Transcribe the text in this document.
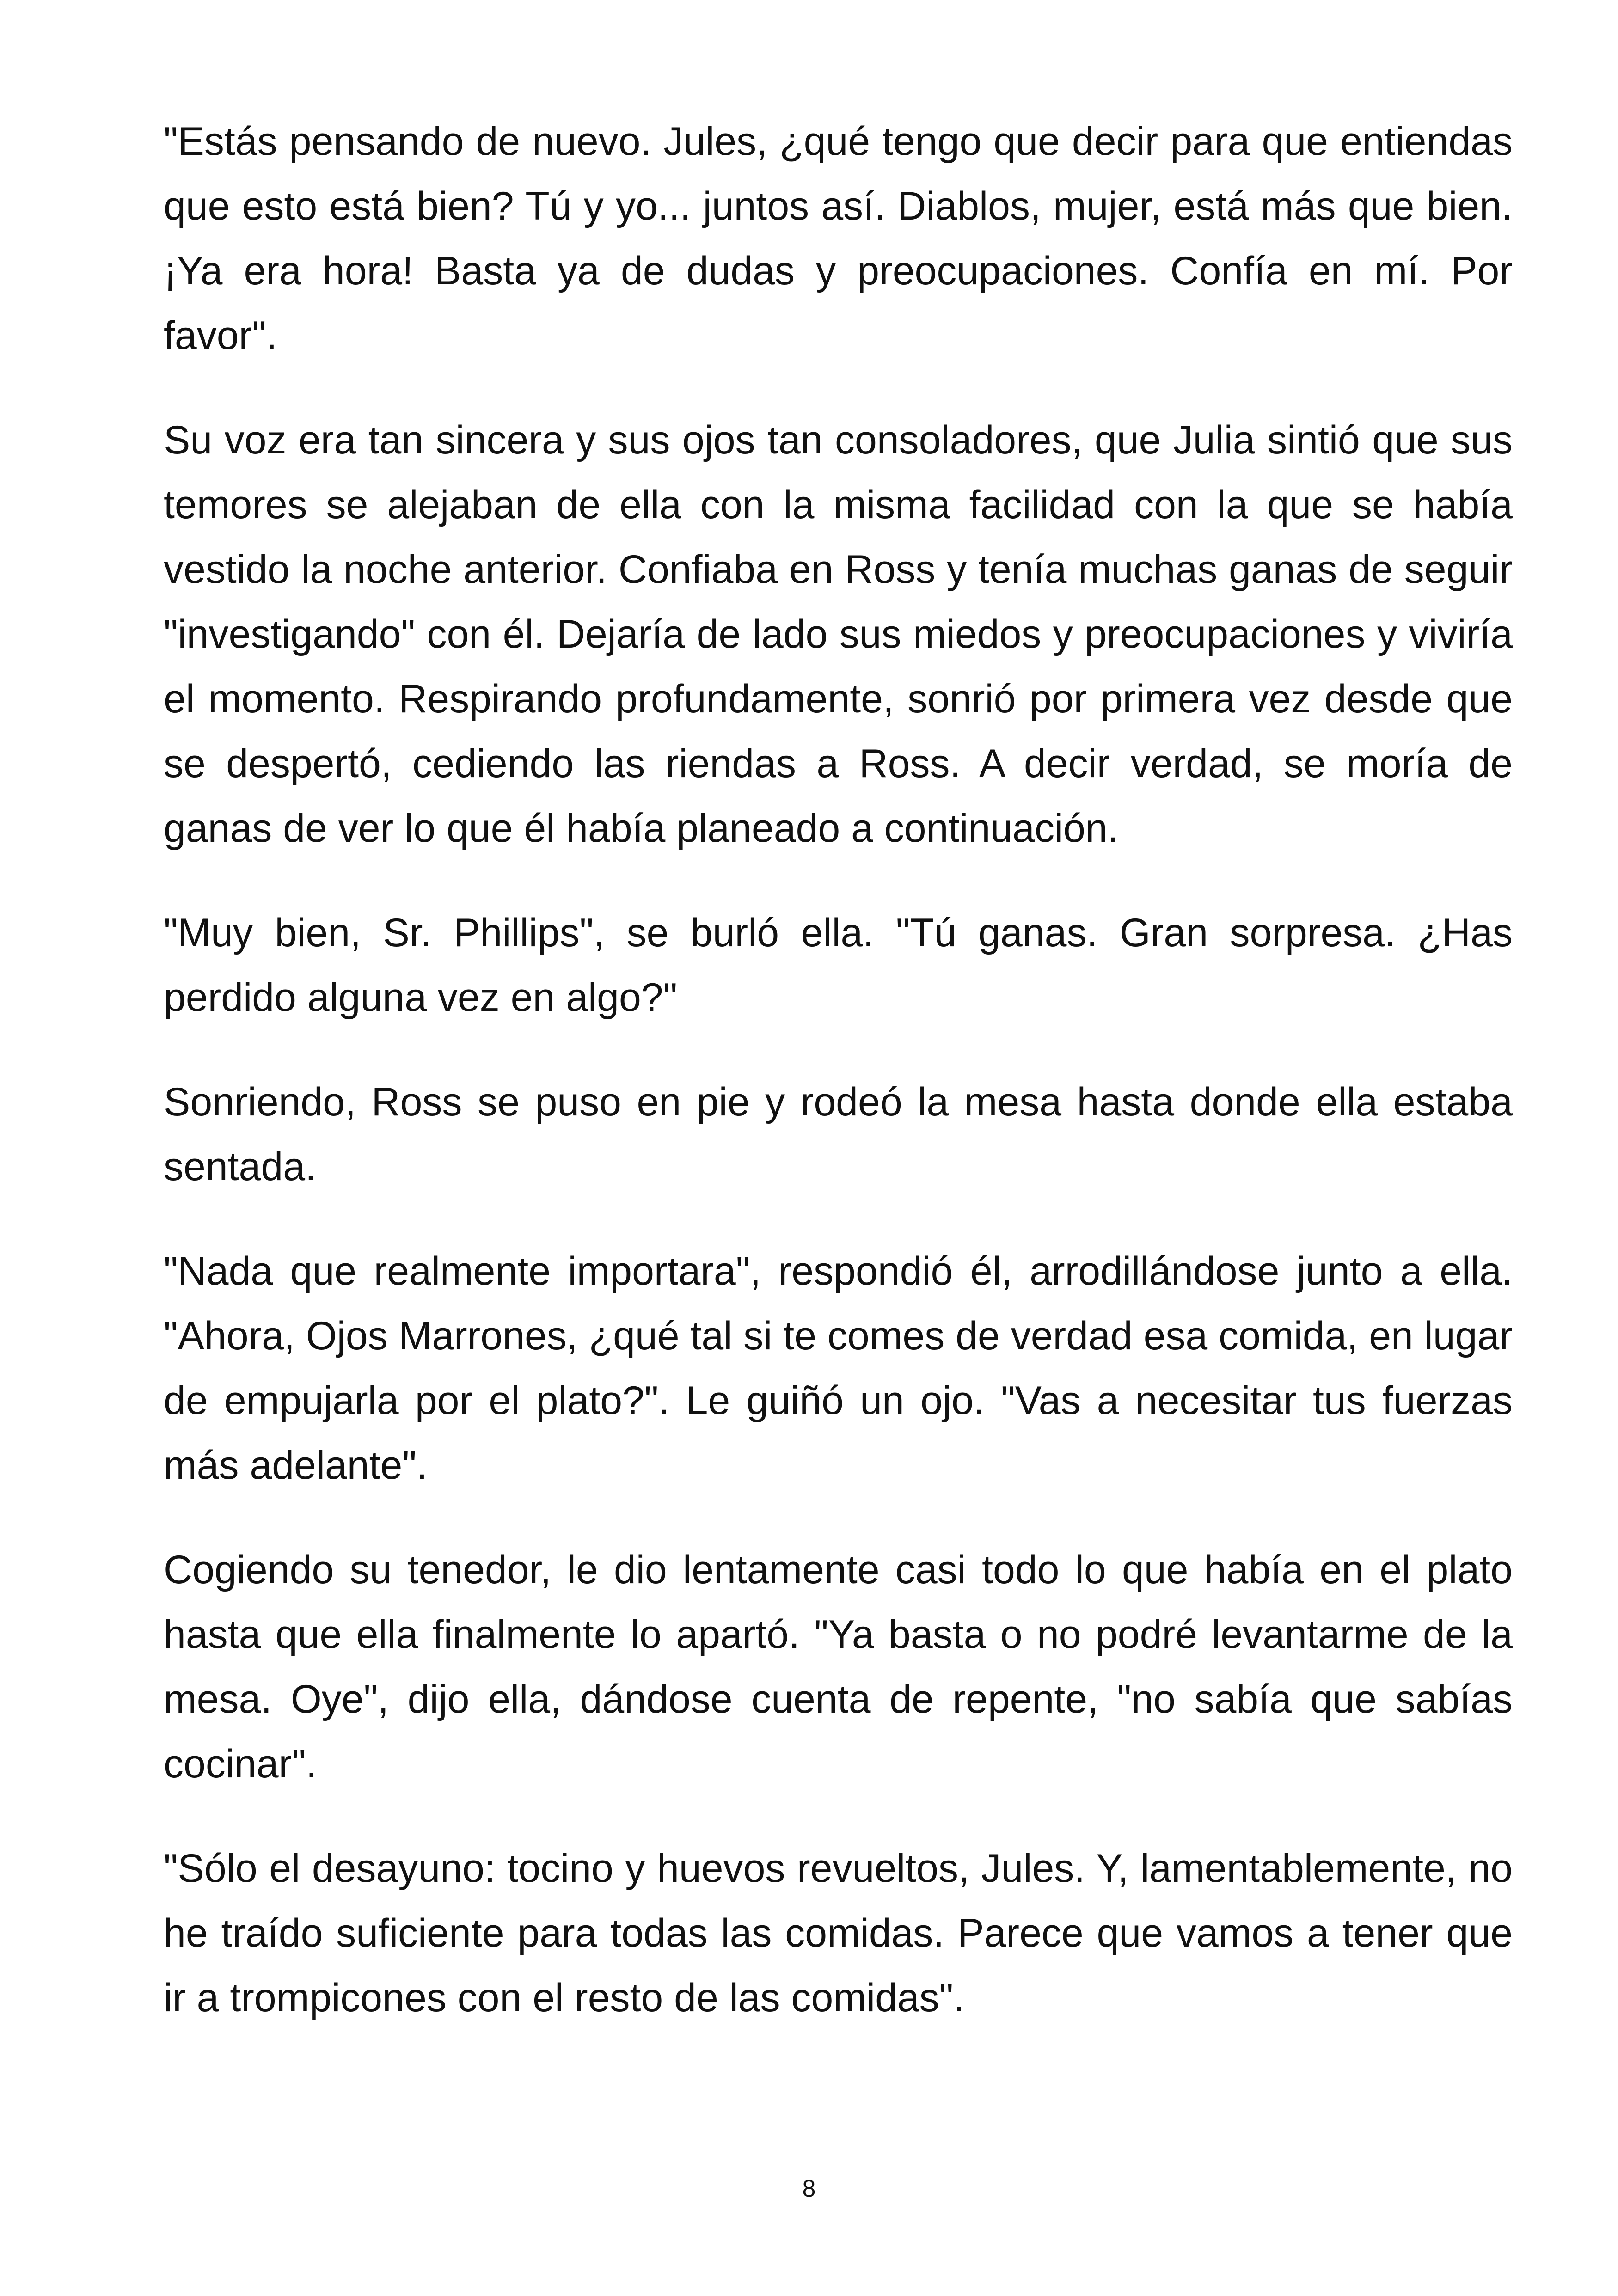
"Estás pensando de nuevo. Jules, ¿qué tengo que decir para que entiendas que esto está bien? Tú y yo... juntos así. Diablos, mujer, está más que bien. ¡Ya era hora! Basta ya de dudas y preocupaciones. Confía en mí. Por favor".

Su voz era tan sincera y sus ojos tan consoladores, que Julia sintió que sus temores se alejaban de ella con la misma facilidad con la que se había vestido la noche anterior. Confiaba en Ross y tenía muchas ganas de seguir "investigando" con él. Dejaría de lado sus miedos y preocupaciones y viviría el momento. Respirando profundamente, sonrió por primera vez desde que se despertó, cediendo las riendas a Ross. A decir verdad, se moría de ganas de ver lo que él había planeado a continuación.

"Muy bien, Sr. Phillips", se burló ella. "Tú ganas. Gran sorpresa. ¿Has perdido alguna vez en algo?"

Sonriendo, Ross se puso en pie y rodeó la mesa hasta donde ella estaba sentada.

"Nada que realmente importara", respondió él, arrodillándose junto a ella. "Ahora, Ojos Marrones, ¿qué tal si te comes de verdad esa comida, en lugar de empujarla por el plato?". Le guiñó un ojo. "Vas a necesitar tus fuerzas más adelante".

Cogiendo su tenedor, le dio lentamente casi todo lo que había en el plato hasta que ella finalmente lo apartó. "Ya basta o no podré levantarme de la mesa. Oye", dijo ella, dándose cuenta de repente, "no sabía que sabías cocinar".

"Sólo el desayuno: tocino y huevos revueltos, Jules. Y, lamentablemente, no he traído suficiente para todas las comidas. Parece que vamos a tener que ir a trompicones con el resto de las comidas".

8
